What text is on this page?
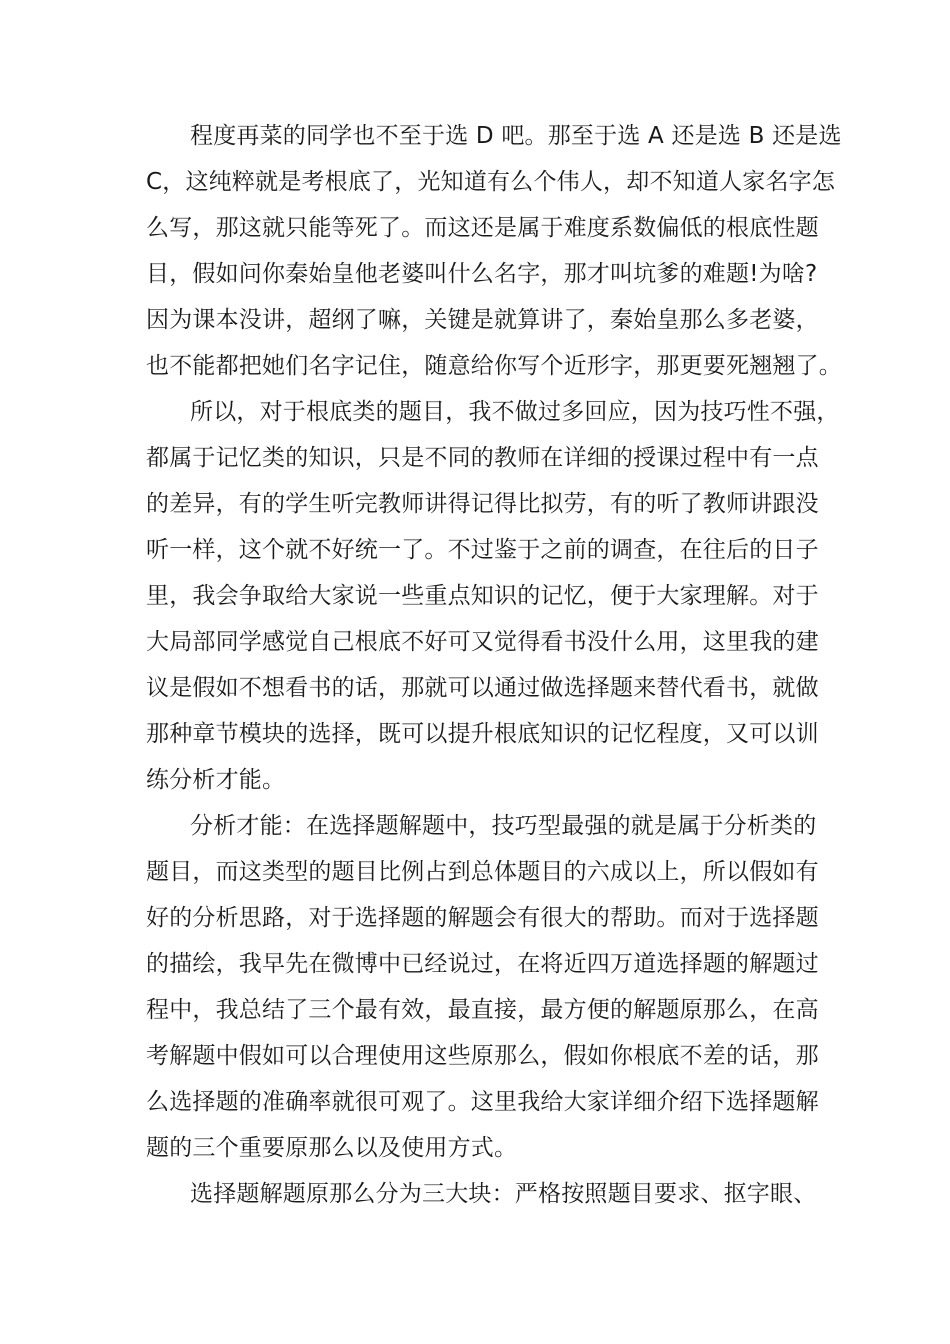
程度再菜的同学也不至于选 D 吧。那至于选 A 还是选 B 还是选
C，这纯粹就是考根底了，光知道有么个伟人，却不知道人家名字怎
么写，那这就只能等死了。而这还是属于难度系数偏低的根底性题
目，假如问你秦始皇他老婆叫什么名字，那才叫坑爹的难题!为啥?
因为课本没讲，超纲了嘛，关键是就算讲了，秦始皇那么多老婆，
也不能都把她们名字记住，随意给你写个近形字，那更要死翘翘了。
所以，对于根底类的题目，我不做过多回应，因为技巧性不强，
都属于记忆类的知识，只是不同的教师在详细的授课过程中有一点
的差异，有的学生听完教师讲得记得比拟劳，有的听了教师讲跟没
听一样，这个就不好统一了。不过鉴于之前的调查，在往后的日子
里，我会争取给大家说一些重点知识的记忆，便于大家理解。对于
大局部同学感觉自己根底不好可又觉得看书没什么用，这里我的建
议是假如不想看书的话，那就可以通过做选择题来替代看书，就做
那种章节模块的选择，既可以提升根底知识的记忆程度，又可以训
练分析才能。
分析才能：在选择题解题中，技巧型最强的就是属于分析类的
题目，而这类型的题目比例占到总体题目的六成以上，所以假如有
好的分析思路，对于选择题的解题会有很大的帮助。而对于选择题
的描绘，我早先在微博中已经说过，在将近四万道选择题的解题过
程中，我总结了三个最有效，最直接，最方便的解题原那么，在高
考解题中假如可以合理使用这些原那么，假如你根底不差的话，那
么选择题的准确率就很可观了。这里我给大家详细介绍下选择题解
题的三个重要原那么以及使用方式。
选择题解题原那么分为三大块：严格按照题目要求、抠字眼、
